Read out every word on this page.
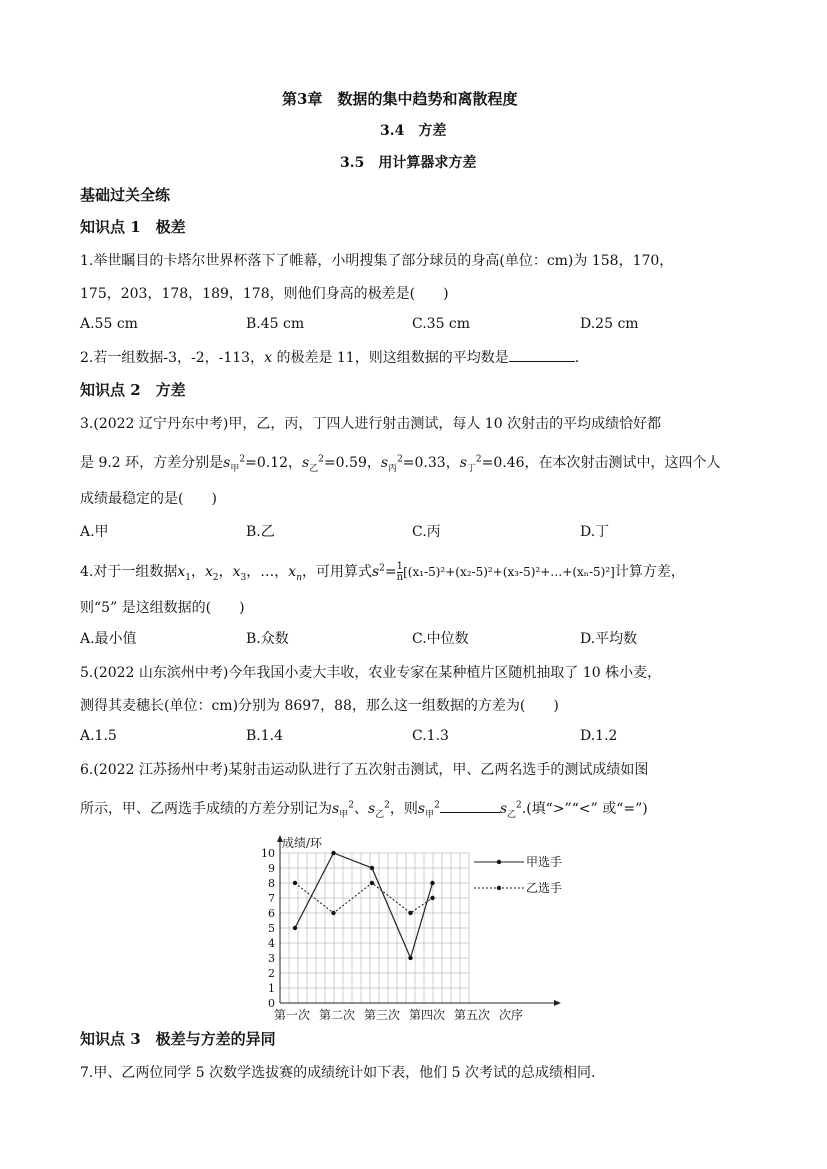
第3章　数据的集中趋势和离散程度
3.4　方差
3.5　用计算器求方差
基础过关全练
知识点 1　极差
1.举世瞩目的卡塔尔世界杯落下了帷幕，小明搜集了部分球员的身高(单位：cm)为 158，170，
175，203，178，189，178，则他们身高的极差是(　　)
A.55 cm	B.45 cm	C.35 cm	D.25 cm
2.若一组数据-3，-2，-113，x 的极差是 11，则这组数据的平均数是	.
知识点 2　方差
3.(2022 辽宁丹东中考)甲，乙，丙，丁四人进行射击测试，每人 10 次射击的平均成绩恰好都
是 9.2 环，方差分别是$s_甲^2=0.12$，$s_乙^2=0.59$，$s_丙^2=0.33$，$s_丁^2=0.46$，在本次射击测试中，这四个人
成绩最稳定的是(　　)
A.甲	B.乙	C.丙	D.丁
4.对于一组数据$x_1$，$x_2$，$x_3$，…，$x_n$，可用算式$s^2= \frac{1}{n}$ [(x₁-5)²+(x₂-5)²+(x₃-5)²+…+(xₙ-5)²]计算方差，
则“5” 是这组数据的(　　)
A.最小值	B.众数	C.中位数	D.平均数
5.(2022 山东滨州中考)今年我国小麦大丰收，农业专家在某种植片区随机抽取了 10 株小麦，
测得其麦穗长(单位：cm)分别为 8697，88，那么这一组数据的方差为(　　)
A.1.5	B.1.4	C.1.3	D.1.2
6.(2022 江苏扬州中考)某射击运动队进行了五次射击测试，甲、乙两名选手的测试成绩如图
所示，甲、乙两选手成绩的方差分别记为$s_甲^2$、$s_乙^2$，则$s_甲^2$	$s_乙^2$.(填“>”“<” 或“=”)
0
1
2
3
4
5
6
7
8
9
10
成绩/环
第一次 第二次 第三次 第四次 第五次 次序
甲选手
乙选手
知识点 3　极差与方差的异同
7.甲、乙两位同学 5 次数学选拔赛的成绩统计如下表，他们 5 次考试的总成绩相同.
